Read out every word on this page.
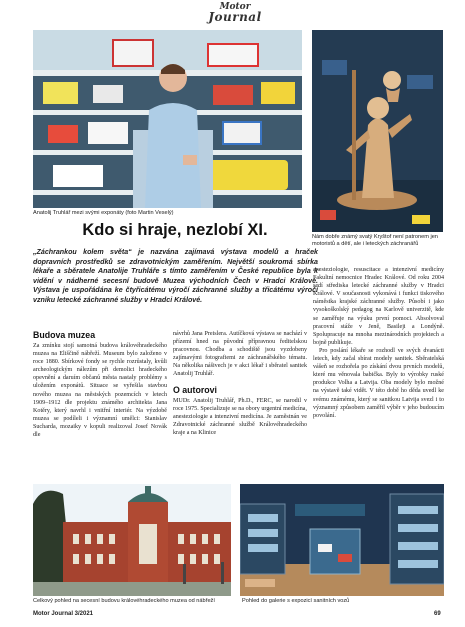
Motor
Journal
Anatolij Truhlář mezi svými exponáty (foto Martin Veselý)
Nám dobře známý svatý Kryštof není patronem jen motoristů a dětí, ale i leteckých záchranářů
Kdo si hraje, nezlobí XI.
„Záchrankou kolem světa“ je nazvána zajímavá výstava modelů a hraček dopravních prostředků se zdravotnickým zaměřením. Největší soukromá sbírka lékaře a sběratele Anatolije Truhláře s tímto zaměřením v České republice byla k vidění v nádherné secesní budově Muzea východních Čech v Hradci Králové. Výstava je uspořádána ke čtyřicátému výročí záchranné služby a třicátému výročí vzniku letecké záchranné služby v Hradci Králové.
Budova muzea
Za zmínku stojí samotná budova královéhradeckého muzea na Eliščině nábřeží. Museum bylo založeno v roce 1880. Sbírkové fondy se rychle rozrůstaly, kvůli archeologickým nálezům při demolici hradeckého opevnění a daruím občanů města nastaly problémy s uložením exponátů. Situace se vyřešila stavbou nového muzea na městských pozemcích v letech 1909–1912 dle projektu známého architekta Jana Kotěry, který navrhl i vnitřní interiér. Na výzdobě muzea se podíleli i významní umělci: Stanislav Sucharda, mozaiky v kopuli realizoval Josef Novák dle
návrhů Jana Preislera. Autíčková výstava se nachází v přízemí hned na původní přípravnou ředitelskou pracovnou. Chodba a schodiště jsou vyzdobeny zajímavými fotografiemi ze záchranářského tématu. Na několika nášivech je v akci lékař i sběratel sanitek Anatolij Truhlář.
O autorovi
MUDr. Anatolij Truhlář, Ph.D., FERC, se narodil v roce 1975. Specializuje se na obory urgentní medicína, anesteziologie a intenzivní medicína. Je zaměstnán ve Zdravotnické záchranné službě Královéhradeckého kraje a na Klinice
anesteziologie, resuscitace a intenzivní medicíny Fakultní nemocnice Hradec Králové. Od roku 2004 sedí střediska letecké záchranné služby v Hradci Králové. V současnosti vykonává i funkci tiskového náměstka krajské záchranné služby. Působí i jako vysokoškolský pedagog na Karlově univerzitě, kde se zaměřuje na výuku první pomoci. Absolvoval pracovní stáže v Jeně, Basileji a Londýně. Spolupracuje na mnoha mezinárodních projektech a bojně publikuje.
Pro poslání lékaře se rozhodl ve svých dvanácti letech, kdy začal sbírat modely sanitek. Sběratelská vášeň se rozhořela po získání dvou prvních modelů, které mu věnovala babička. Byly to výrobky ruské produkce Volha a Latvija. Oba modely bylo možné na výstavě také vidět. V této době ho děda uvedl ke svému známému, který se sanitkou Latvija svezl i to významný způsobem zaměřil výběr v jeho budoucím povolání.
Celkový pohled na secesní budovu královéhradeckého muzea od nábřeží	Pohled do galerie s expozicí sanitních vozů
Motor Journal 3/2021	69
